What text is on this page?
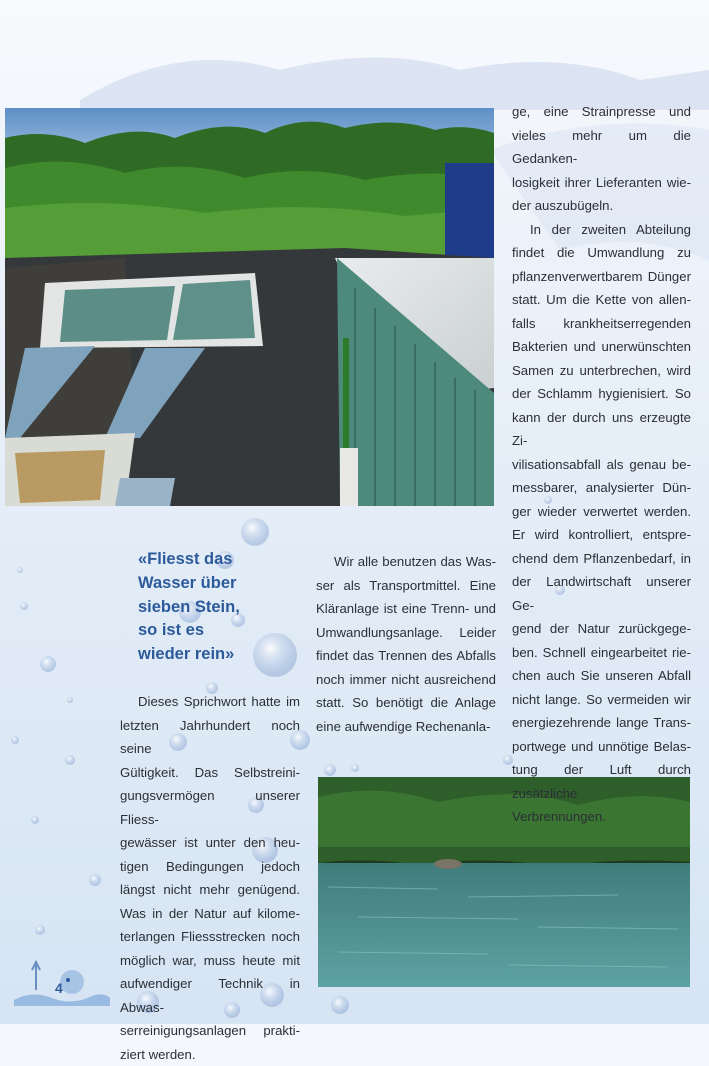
«Fliesst das
Wasser über
sieben Stein,
so ist es
wieder rein»

Dieses Sprichwort hatte im
letzten Jahrhundert noch seine
Gültigkeit. Das Selbstreini-
gungsvermögen unserer Fliess-
gewässer ist unter den heu-
tigen Bedingungen jedoch
längst nicht mehr genügend.
Was in der Natur auf kilome-
terlangen Fliessstrecken noch
möglich war, muss heute mit
aufwendiger Technik in Abwas-
serreinigungsanlagen prakti-
ziert werden.

Wir alle benutzen das Was-
ser als Transportmittel. Eine
Kläranlage ist eine Trenn- und
Umwandlungsanlage. Leider
findet das Trennen des Abfalls
noch immer nicht ausreichend
statt. So benötigt die Anlage
eine aufwendige Rechenanla-

ge, eine Strainpresse und
vieles mehr um die Gedanken-
losigkeit ihrer Lieferanten wie-
der auszubügeln.

In der zweiten Abteilung
findet die Umwandlung zu
pflanzenverwertbarem Dünger
statt. Um die Kette von allen-
falls krankheitserregenden
Bakterien und unerwünschten
Samen zu unterbrechen, wird
der Schlamm hygienisiert. So
kann der durch uns erzeugte Zi-
vilisationsabfall als genau be-
messbarer, analysierter Dün-
ger wieder verwertet werden.
Er wird kontrolliert, entspre-
chend dem Pflanzenbedarf, in
der Landwirtschaft unserer Ge-
gend der Natur zurückgege-
ben. Schnell eingearbeitet rie-
chen auch Sie unseren Abfall
nicht lange. So vermeiden wir
energiezehrende lange Trans-
portwege und unnötige Belas-
tung der Luft durch zusätzliche
Verbrennungen.

4
